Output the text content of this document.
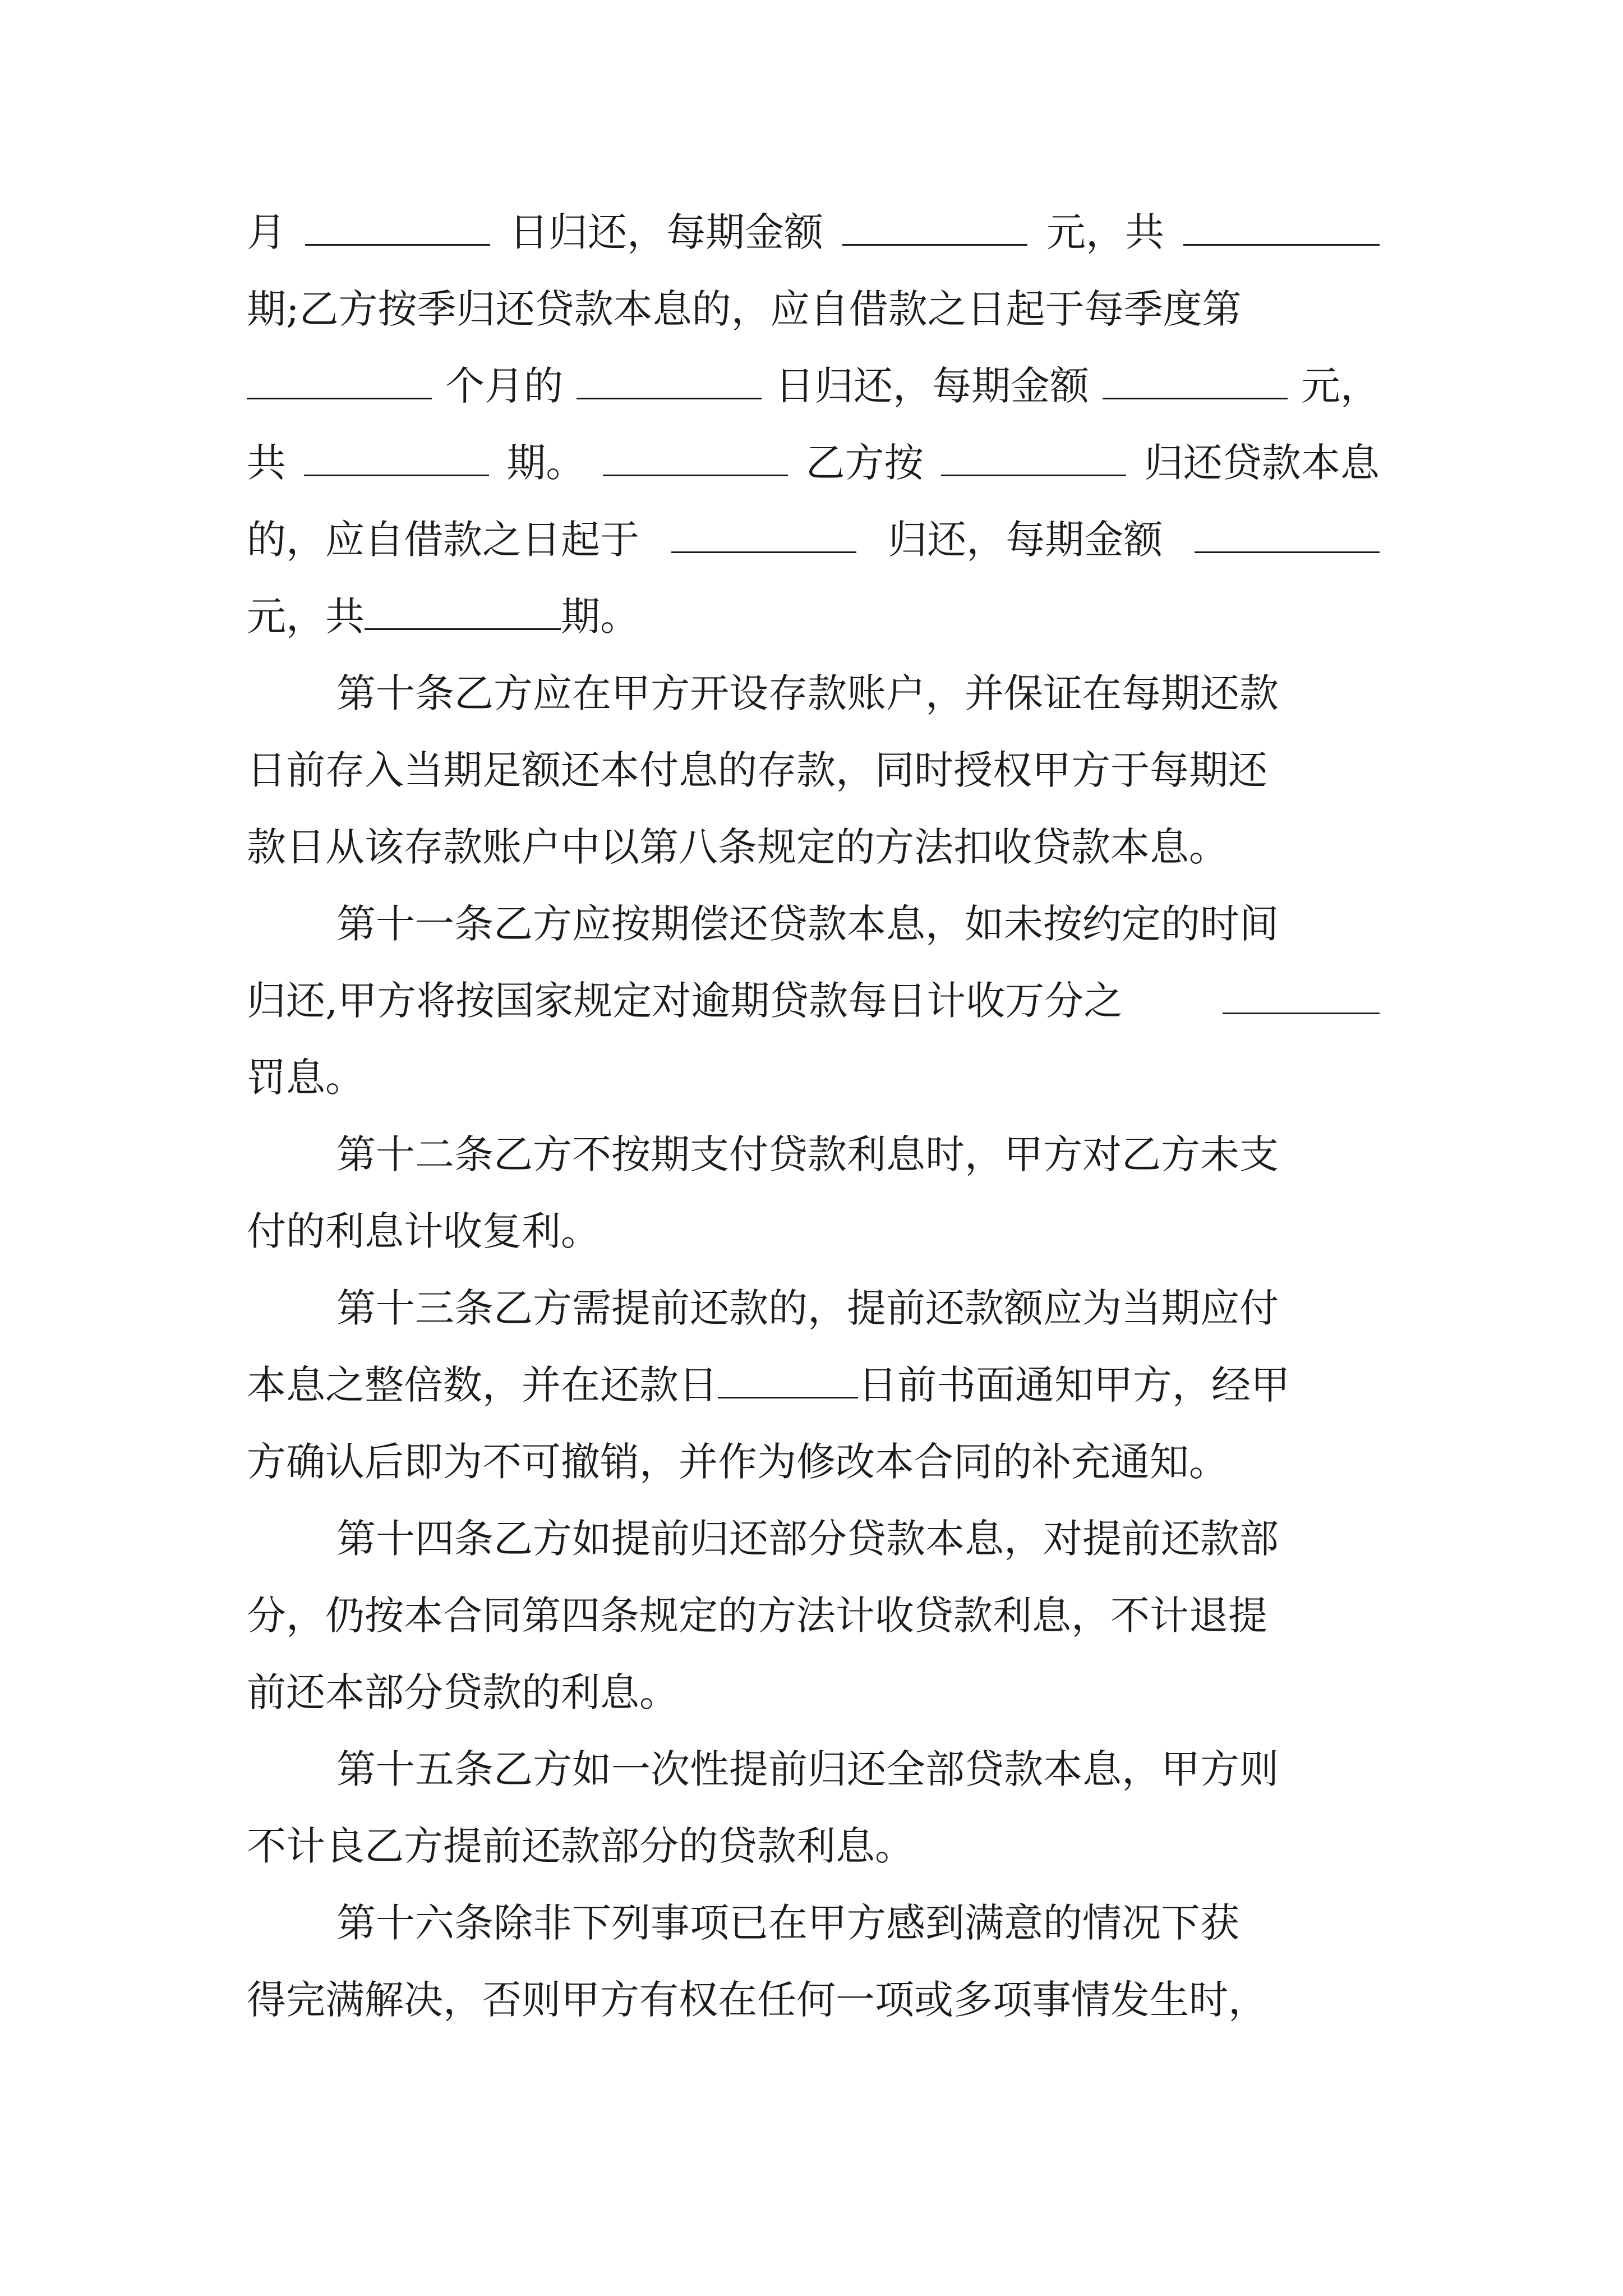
月	日归还，每期金额	元，共
期;乙方按季归还贷款本息的，应自借款之日起于每季度第
个月的	日归还，每期金额	元，
共	期。	乙方按	归还贷款本息
的，应自借款之日起于	归还，每期金额
元，共	期。
第十条乙方应在甲方开设存款账户，并保证在每期还款
日前存入当期足额还本付息的存款，同时授权甲方于每期还
款日从该存款账户中以第八条规定的方法扣收贷款本息。
第十一条乙方应按期偿还贷款本息，如未按约定的时间
归还,甲方将按国家规定对逾期贷款每日计收万分之
罚息。
第十二条乙方不按期支付贷款利息时，甲方对乙方未支
付的利息计收复利。
第十三条乙方需提前还款的，提前还款额应为当期应付
本息之整倍数，并在还款日	日前书面通知甲方，经甲
方确认后即为不可撤销，并作为修改本合同的补充通知。
第十四条乙方如提前归还部分贷款本息，对提前还款部
分，仍按本合同第四条规定的方法计收贷款利息，不计退提
前还本部分贷款的利息。
第十五条乙方如一次性提前归还全部贷款本息，甲方则
不计良乙方提前还款部分的贷款利息。
第十六条除非下列事项已在甲方感到满意的情况下获
得完满解决，否则甲方有权在任何一项或多项事情发生时，
